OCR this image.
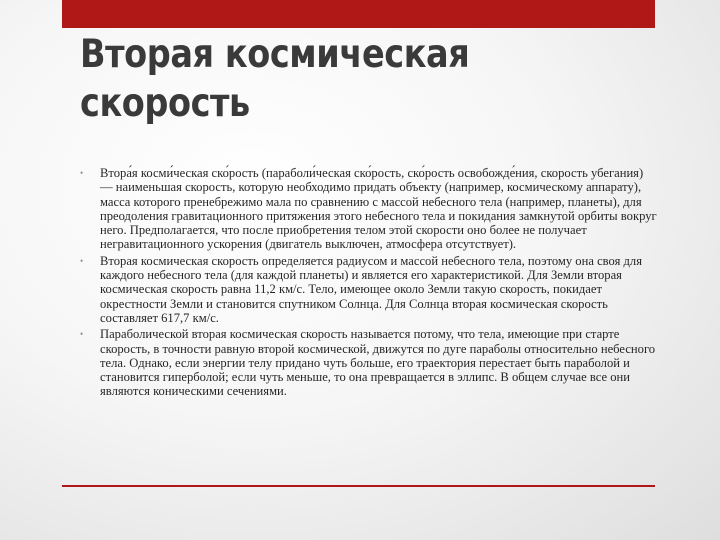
Вторая космическая
скорость
• Втора́я косми́ческая ско́рость (параболи́ческая ско́рость, ско́рость освобожде́ния, скорость убегания) — наименьшая скорость, которую необходимо придать объекту (например, космическому аппарату), масса которого пренебрежимо мала по сравнению с массой небесного тела (например, планеты), для преодоления гравитационного притяжения этого небесного тела и покидания замкнутой орбиты вокруг него. Предполагается, что после приобретения телом этой скорости оно более не получает негравитационного ускорения (двигатель выключен, атмосфера отсутствует).
• Вторая космическая скорость определяется радиусом и массой небесного тела, поэтому она своя для каждого небесного тела (для каждой планеты) и является его характеристикой. Для Земли вторая космическая скорость равна 11,2 км/с. Тело, имеющее около Земли такую скорость, покидает окрестности Земли и становится спутником Солнца. Для Солнца вторая космическая скорость составляет 617,7 км/с.
• Параболической вторая космическая скорость называется потому, что тела, имеющие при старте скорость, в точности равную второй космической, движутся по дуге параболы относительно небесного тела. Однако, если энергии телу придано чуть больше, его траектория перестает быть параболой и становится гиперболой; если чуть меньше, то она превращается в эллипс. В общем случае все они являются коническими сечениями.
